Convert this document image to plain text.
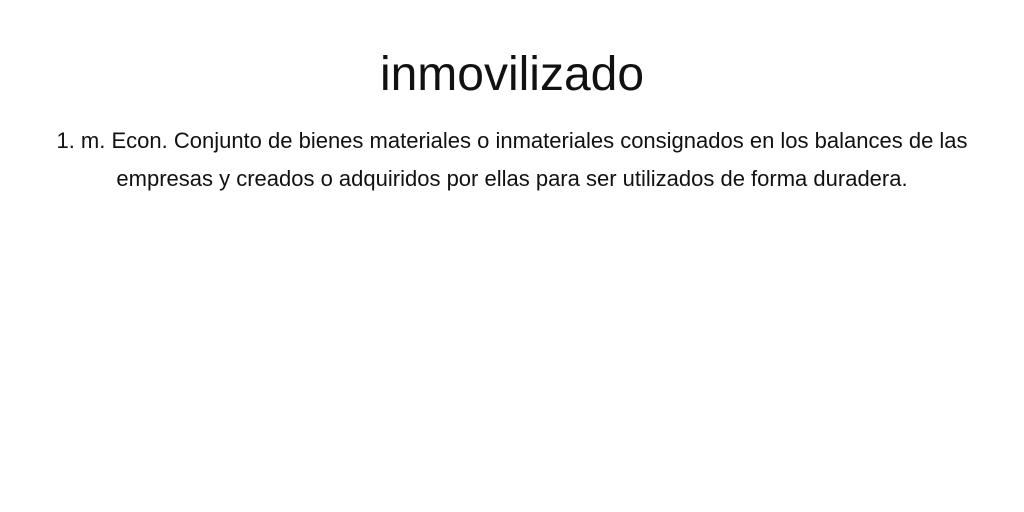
inmovilizado

1. m. Econ. Conjunto de bienes materiales o inmateriales consignados en los balances de las empresas y creados o adquiridos por ellas para ser utilizados de forma duradera.
